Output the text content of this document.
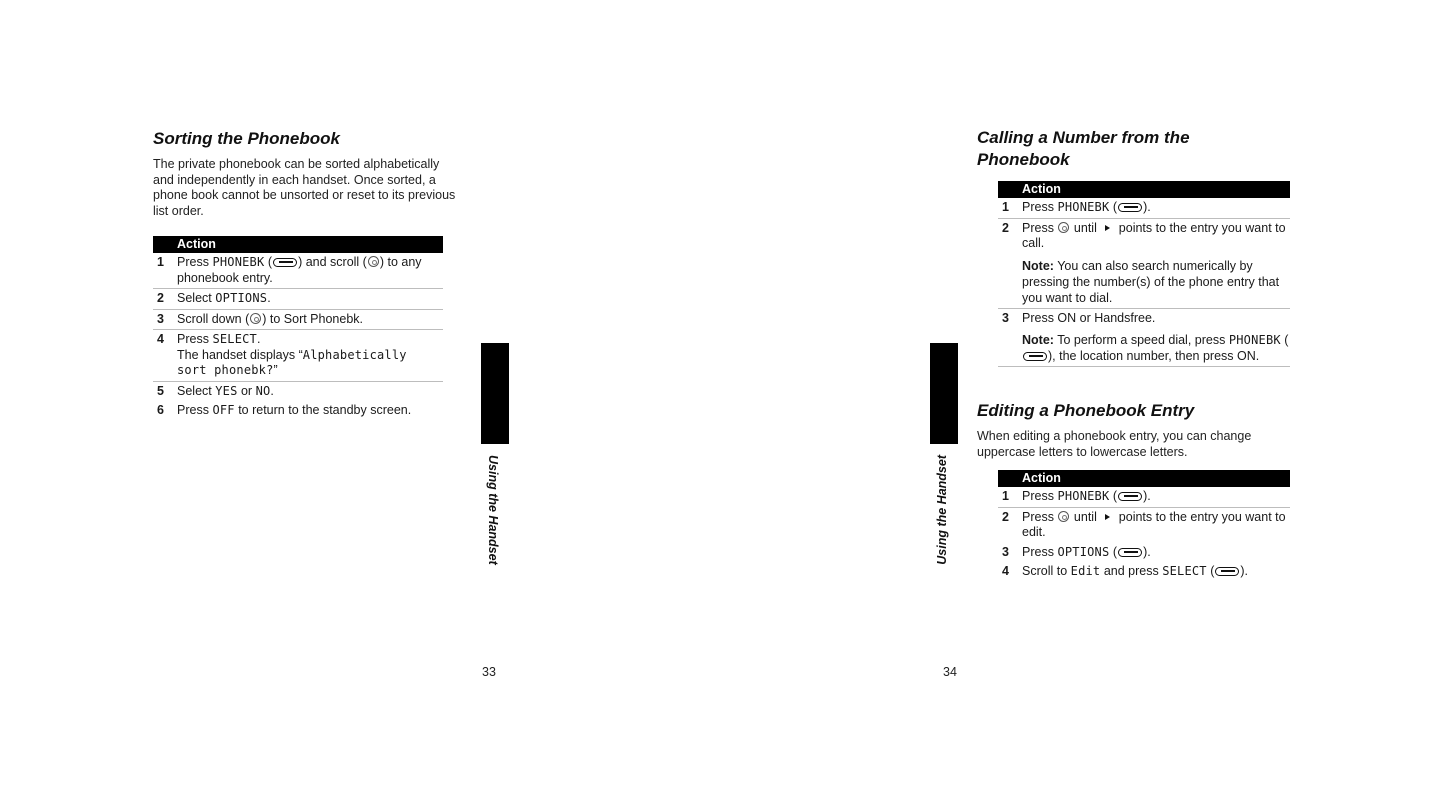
Sorting the Phonebook

The private phonebook can be sorted alphabetically and independently in each handset. Once sorted, a phone book cannot be unsorted or reset to its previous list order.

Action
1	Press PHONEBK ( ) and scroll ( ) to any phonebook entry.
2	Select OPTIONS.
3	Scroll down ( ) to Sort Phonebk.
4	Press SELECT.
The handset displays “Alphabetically sort phonebk?”
5	Select YES or NO.
6	Press OFF to return to the standby screen.
Using the Handset
33
Calling a Number from the Phonebook
Action
1	Press PHONEBK ( ).
2	Press  until  points to the entry you want to call.
Note: You can also search numerically by pressing the number(s) of the phone entry that you want to dial.
3	Press ON or Handsfree.
Note: To perform a speed dial, press PHONEBK (), the location number, then press ON.
Editing a Phonebook Entry

When editing a phonebook entry, you can change uppercase letters to lowercase letters.

Action
1	Press PHONEBK ( ).
2	Press  until  points to the entry you want to edit.
3	Press OPTIONS ( ).
4	Scroll to Edit and press SELECT ( ).
Using the Handset
34
